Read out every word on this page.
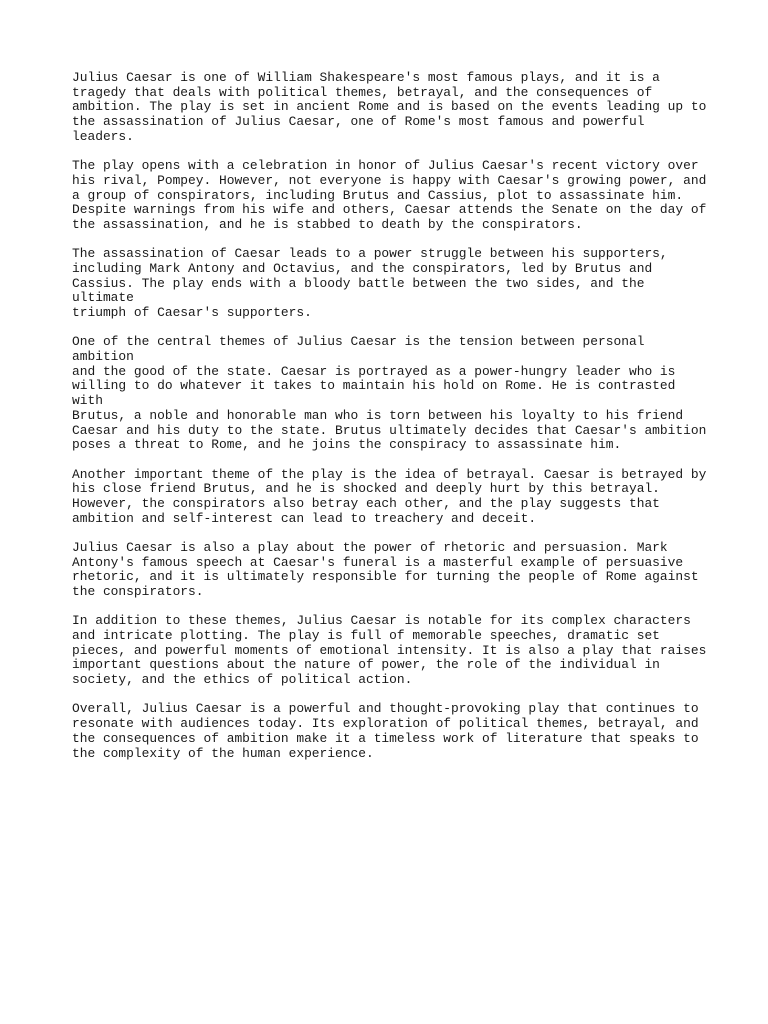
Julius Caesar is one of William Shakespeare's most famous plays, and it is a
tragedy that deals with political themes, betrayal, and the consequences of
ambition. The play is set in ancient Rome and is based on the events leading up to
the assassination of Julius Caesar, one of Rome's most famous and powerful leaders.

The play opens with a celebration in honor of Julius Caesar's recent victory over
his rival, Pompey. However, not everyone is happy with Caesar's growing power, and
a group of conspirators, including Brutus and Cassius, plot to assassinate him.
Despite warnings from his wife and others, Caesar attends the Senate on the day of
the assassination, and he is stabbed to death by the conspirators.

The assassination of Caesar leads to a power struggle between his supporters,
including Mark Antony and Octavius, and the conspirators, led by Brutus and
Cassius. The play ends with a bloody battle between the two sides, and the ultimate
triumph of Caesar's supporters.

One of the central themes of Julius Caesar is the tension between personal ambition
and the good of the state. Caesar is portrayed as a power-hungry leader who is
willing to do whatever it takes to maintain his hold on Rome. He is contrasted with
Brutus, a noble and honorable man who is torn between his loyalty to his friend
Caesar and his duty to the state. Brutus ultimately decides that Caesar's ambition
poses a threat to Rome, and he joins the conspiracy to assassinate him.

Another important theme of the play is the idea of betrayal. Caesar is betrayed by
his close friend Brutus, and he is shocked and deeply hurt by this betrayal.
However, the conspirators also betray each other, and the play suggests that
ambition and self-interest can lead to treachery and deceit.

Julius Caesar is also a play about the power of rhetoric and persuasion. Mark
Antony's famous speech at Caesar's funeral is a masterful example of persuasive
rhetoric, and it is ultimately responsible for turning the people of Rome against
the conspirators.

In addition to these themes, Julius Caesar is notable for its complex characters
and intricate plotting. The play is full of memorable speeches, dramatic set
pieces, and powerful moments of emotional intensity. It is also a play that raises
important questions about the nature of power, the role of the individual in
society, and the ethics of political action.

Overall, Julius Caesar is a powerful and thought-provoking play that continues to
resonate with audiences today. Its exploration of political themes, betrayal, and
the consequences of ambition make it a timeless work of literature that speaks to
the complexity of the human experience.
